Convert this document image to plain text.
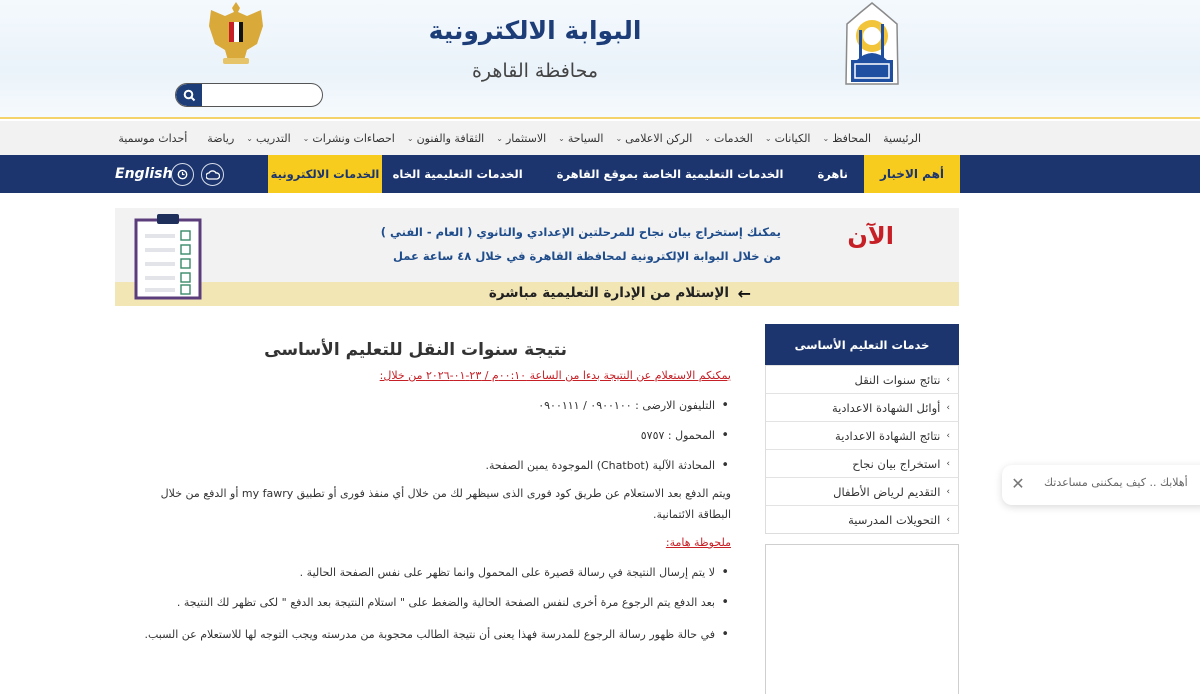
البوابة الالكترونية
محافظة القاهرة
الرئيسية
المحافظ
⌄
الكيانات
⌄
الخدمات
⌄
الركن الاعلامى
⌄
السياحة
⌄
الاستثمار
⌄
الثقافة والفنون
⌄
احصاءات ونشرات
⌄
التدريب
⌄
رياضة
أحداث موسمية
أهم الاخبار
ناهرة
الخدمات التعليمية الخاصة بموقع القاهرة
الخدمات التعليمية الخاه
الخدمات الالكترونية
English
الآن
يمكنك إستخراج بيان نجاح للمرحلتين الإعدادي والثانوي ( العام - الفني )
من خلال البوابة الإلكترونية لمحافظة القاهرة في خلال ٤٨ ساعة عمل
الإستلام من الإدارة التعليمية مباشرة ←
نتيجة سنوات النقل للتعليم الأساسى
يمكنكم الاستعلام عن النتيجة بدءا من الساعة ٠٠:١٠م / ٢٣-٠١-٢٠٢٦ من خلال:
• التليفون الارضى : ٠٩٠٠١٠٠ / ٠٩٠٠١١١
• المحمول : ٥٧٥٧
• المحادثة الآلية (Chatbot) الموجودة يمين الصفحة.

ويتم الدفع بعد الاستعلام عن طريق كود فورى الذى سيظهر لك من خلال أي منفذ فورى أو تطبيق my fawry أو الدفع من خلال البطاقة الائتمانية.

ملحوظة هامة:
• لا يتم إرسال النتيجة في رسالة قصيرة على المحمول وانما تظهر على نفس الصفحة الحالية .
• بعد الدفع يتم الرجوع مرة أخرى لنفس الصفحة الحالية والضغط على " استلام النتيجة بعد الدفع " لكى تظهر لك النتيجة .
• في حالة ظهور رسالة الرجوع للمدرسة فهذا يعنى أن نتيجة الطالب محجوبة من مدرسته ويجب التوجه لها للاستعلام عن السبب.
خدمات التعليم الأساسى
›
نتائج سنوات النقل
›
أوائل الشهادة الاعدادية
›
نتائج الشهادة الاعدادية
›
استخراج بيان نجاح
›
التقديم لرياض الأطفال
›
التحويلات المدرسية
✕ أهلابك .. كيف يمكننى مساعدتك
